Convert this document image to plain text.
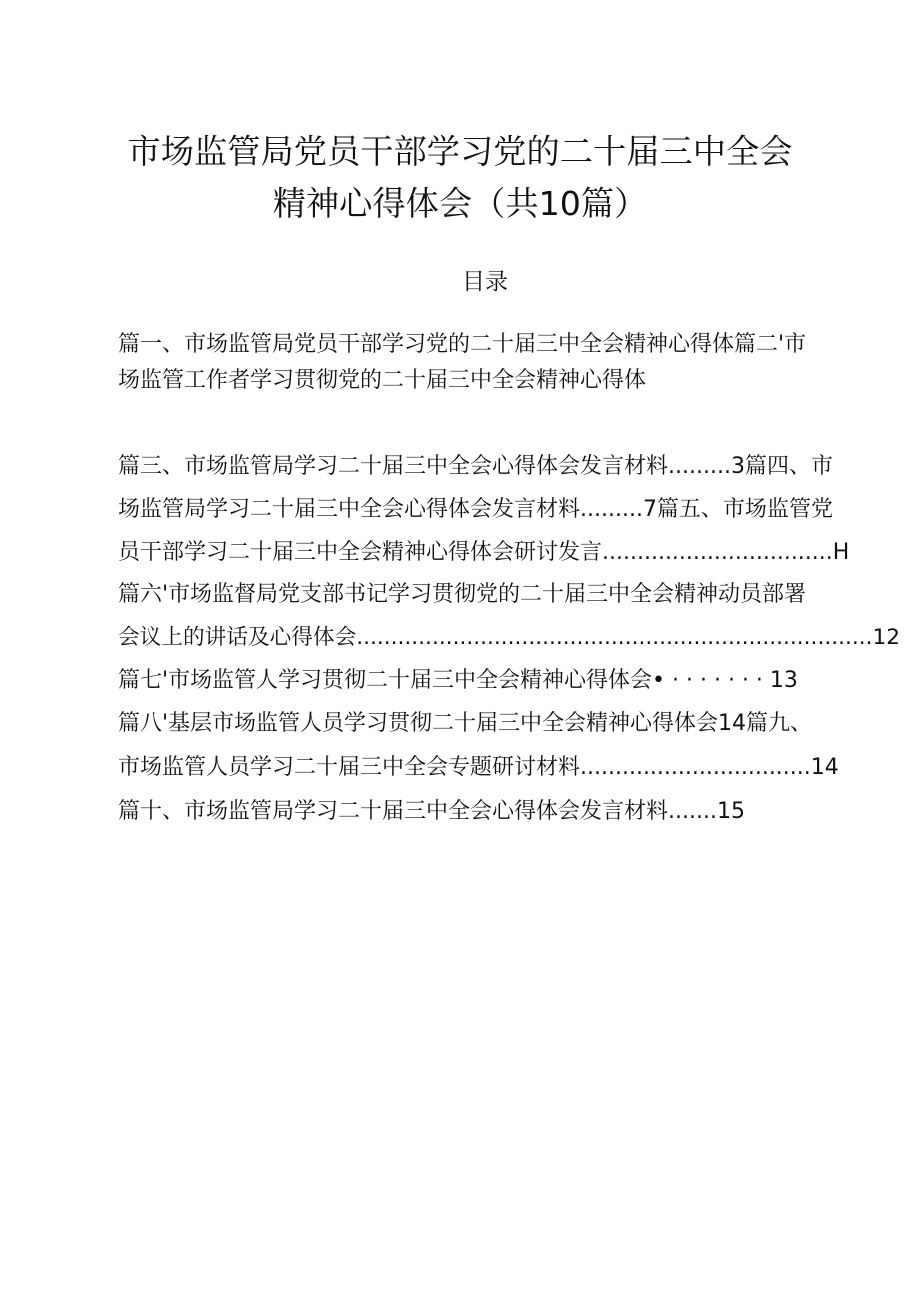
市场监管局党员干部学习党的二十届三中全会
精神心得体会（共10篇）
目录
篇一、市场监管局党员干部学习党的二十届三中全会精神心得体篇二'市
场监管工作者学习贯彻党的二十届三中全会精神心得体
篇三、市场监管局学习二十届三中全会心得体会发言材料.........3篇四、市
场监管局学习二十届三中全会心得体会发言材料.........7篇五、市场监管党
员干部学习二十届三中全会精神心得体会研讨发言.................................H
篇六'市场监督局党支部书记学习贯彻党的二十届三中全会精神动员部署
会议上的讲话及心得体会...........................................................................12
篇七'市场监管人学习贯彻二十届三中全会精神心得体会• · · · · · · · 13
篇八'基层市场监管人员学习贯彻二十届三中全会精神心得体会14篇九、
市场监管人员学习二十届三中全会专题研讨材料.................................14
篇十、市场监管局学习二十届三中全会心得体会发言材料.......15
